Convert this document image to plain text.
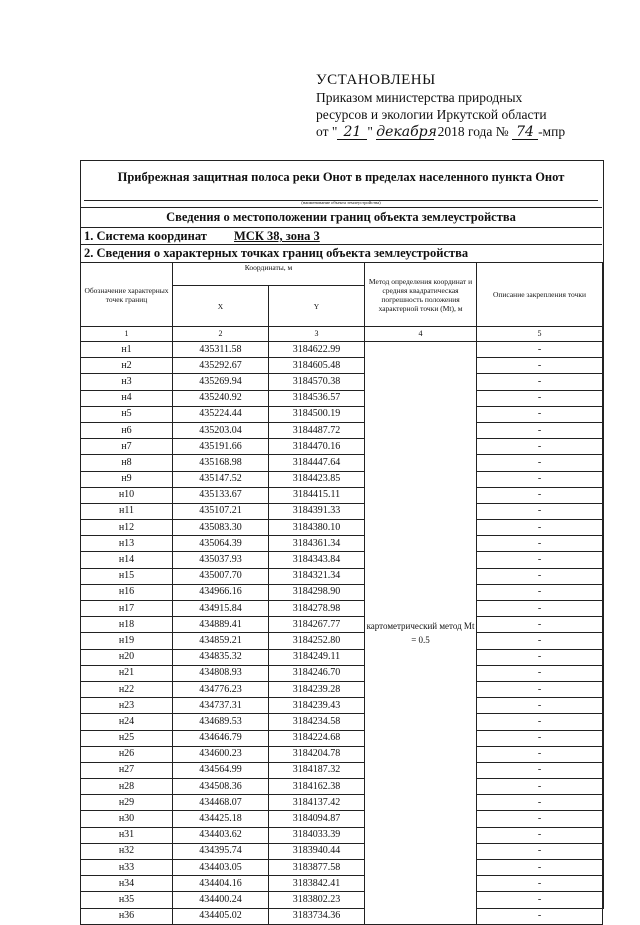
УСТАНОВЛЕНЫ
Приказом министерства природных
ресурсов и экологии Иркутской области
от " 21 " декабря 2018 года № 74 -мпр
Прибрежная защитная полоса реки Онот в пределах населенного пункта Онот
(наименование объекта землеустройства)
Сведения о местоположении границ объекта землеустройства
1. Система координат МСК 38, зона 3
2. Сведения о характерных точках границ объекта землеустройства
Обозначение характерных точек границ	Координаты, м		Метод определения координат и средняя квадратическая погрешность положения характерной точки (Mt), м	Описание закрепления точки
	X	Y		
1	2	3	4	5
н1	435311.58	3184622.99	картометрический метод Mt = 0.5	-
н2	435292.67	3184605.48		-
н3	435269.94	3184570.38		-
н4	435240.92	3184536.57		-
н5	435224.44	3184500.19		-
н6	435203.04	3184487.72		-
н7	435191.66	3184470.16		-
н8	435168.98	3184447.64		-
н9	435147.52	3184423.85		-
н10	435133.67	3184415.11		-
н11	435107.21	3184391.33		-
н12	435083.30	3184380.10		-
н13	435064.39	3184361.34		-
н14	435037.93	3184343.84		-
н15	435007.70	3184321.34		-
н16	434966.16	3184298.90		-
н17	434915.84	3184278.98		-
н18	434889.41	3184267.77		-
н19	434859.21	3184252.80		-
н20	434835.32	3184249.11		-
н21	434808.93	3184246.70		-
н22	434776.23	3184239.28		-
н23	434737.31	3184239.43		-
н24	434689.53	3184234.58		-
н25	434646.79	3184224.68		-
н26	434600.23	3184204.78		-
н27	434564.99	3184187.32		-
н28	434508.36	3184162.38		-
н29	434468.07	3184137.42		-
н30	434425.18	3184094.87		-
н31	434403.62	3184033.39		-
н32	434395.74	3183940.44		-
н33	434403.05	3183877.58		-
н34	434404.16	3183842.41		-
н35	434400.24	3183802.23		-
н36	434405.02	3183734.36		-
